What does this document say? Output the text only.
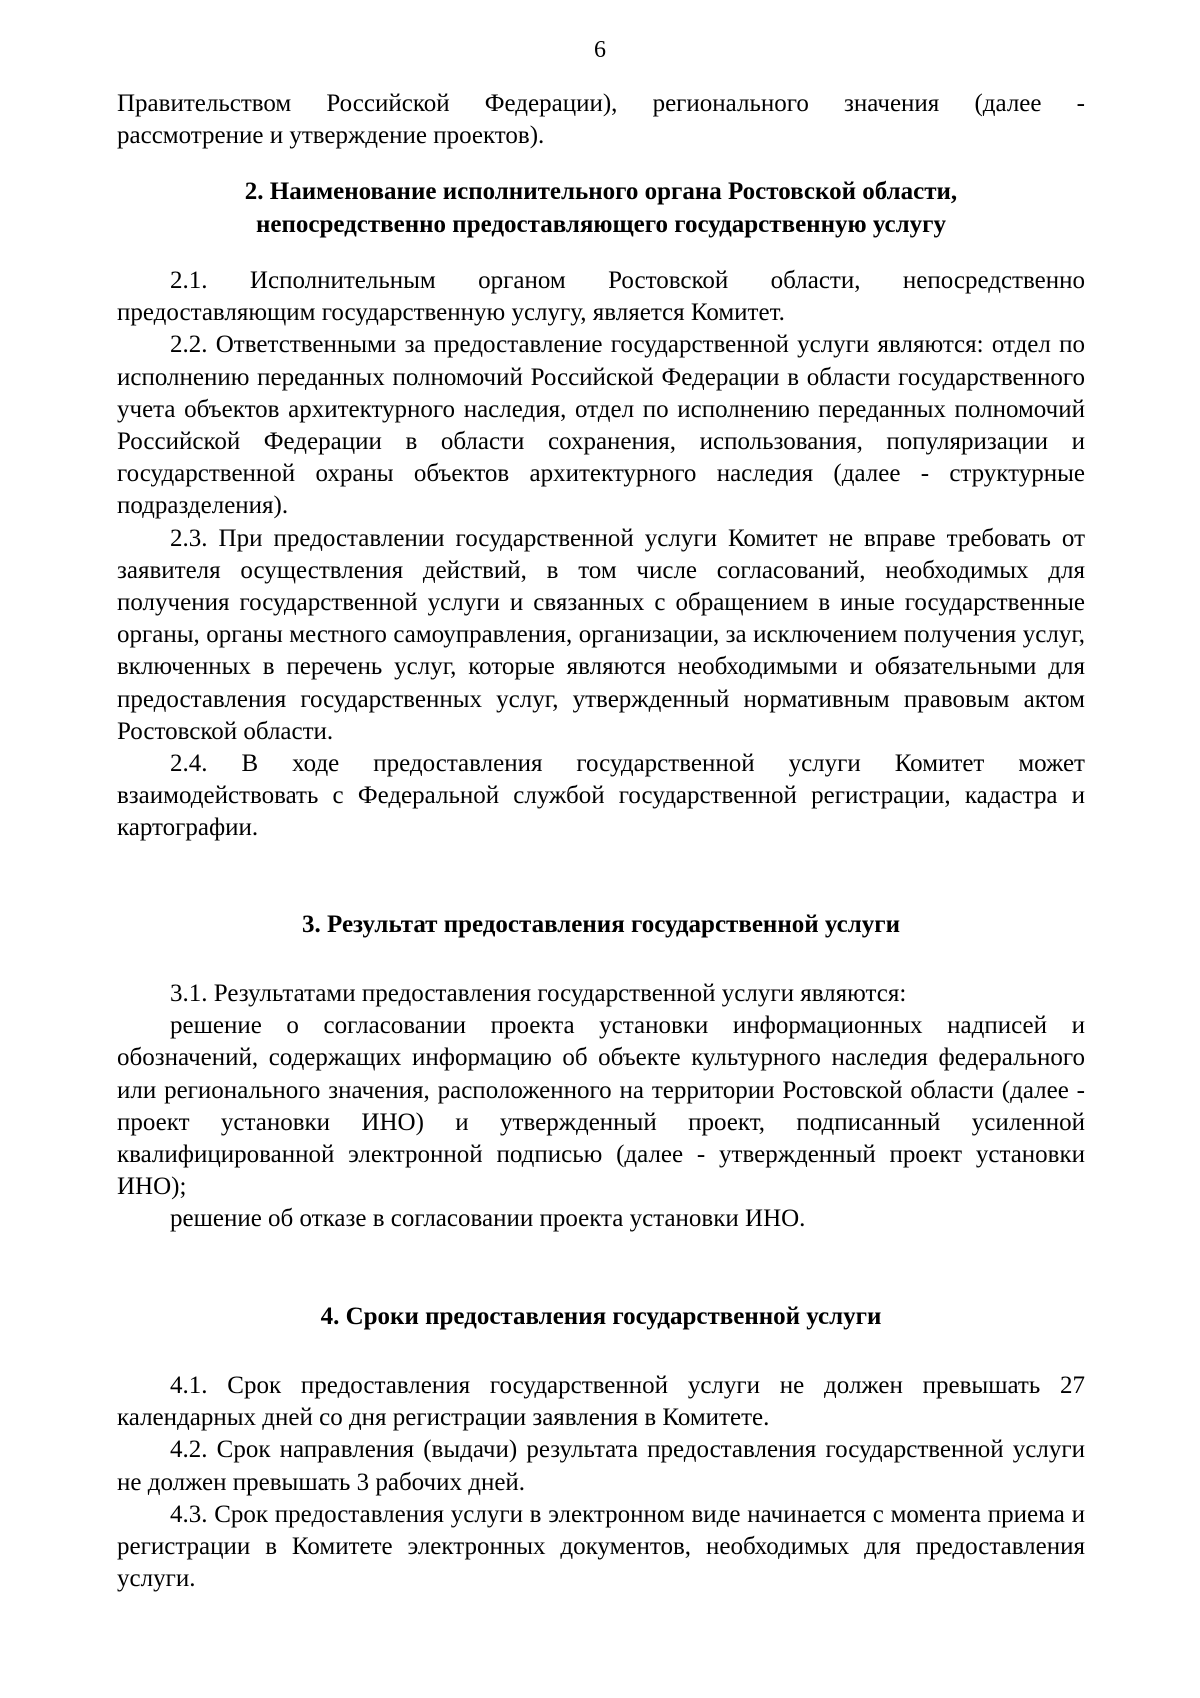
6
Правительством Российской Федерации), регионального значения (далее -
рассмотрение и утверждение проектов).
2. Наименование исполнительного органа Ростовской области,
непосредственно предоставляющего государственную услугу

2.1. Исполнительным органом Ростовской области, непосредственно предоставляющим государственную услугу, является Комитет.

2.2. Ответственными за предоставление государственной услуги являются: отдел по исполнению переданных полномочий Российской Федерации в области государственного учета объектов архитектурного наследия, отдел по исполнению переданных полномочий Российской Федерации в области сохранения, использования, популяризации и государственной охраны объектов архитектурного наследия (далее - структурные подразделения).

2.3. При предоставлении государственной услуги Комитет не вправе требовать от заявителя осуществления действий, в том числе согласований, необходимых для получения государственной услуги и связанных с обращением в иные государственные органы, органы местного самоуправления, организации, за исключением получения услуг, включенных в перечень услуг, которые являются необходимыми и обязательными для предоставления государственных услуг, утвержденный нормативным правовым актом Ростовской области.

2.4. В ходе предоставления государственной услуги Комитет может взаимодействовать с Федеральной службой государственной регистрации, кадастра и картографии.

3. Результат предоставления государственной услуги

3.1. Результатами предоставления государственной услуги являются:

решение о согласовании проекта установки информационных надписей и обозначений, содержащих информацию об объекте культурного наследия федерального или регионального значения, расположенного на территории Ростовской области (далее - проект установки ИНО) и утвержденный проект, подписанный усиленной квалифицированной электронной подписью (далее - утвержденный проект установки ИНО);

решение об отказе в согласовании проекта установки ИНО.

4. Сроки предоставления государственной услуги

4.1. Срок предоставления государственной услуги не должен превышать 27 календарных дней со дня регистрации заявления в Комитете.

4.2. Срок направления (выдачи) результата предоставления государственной услуги не должен превышать 3 рабочих дней.

4.3. Срок предоставления услуги в электронном виде начинается с момента приема и регистрации в Комитете электронных документов, необходимых для предоставления услуги.
